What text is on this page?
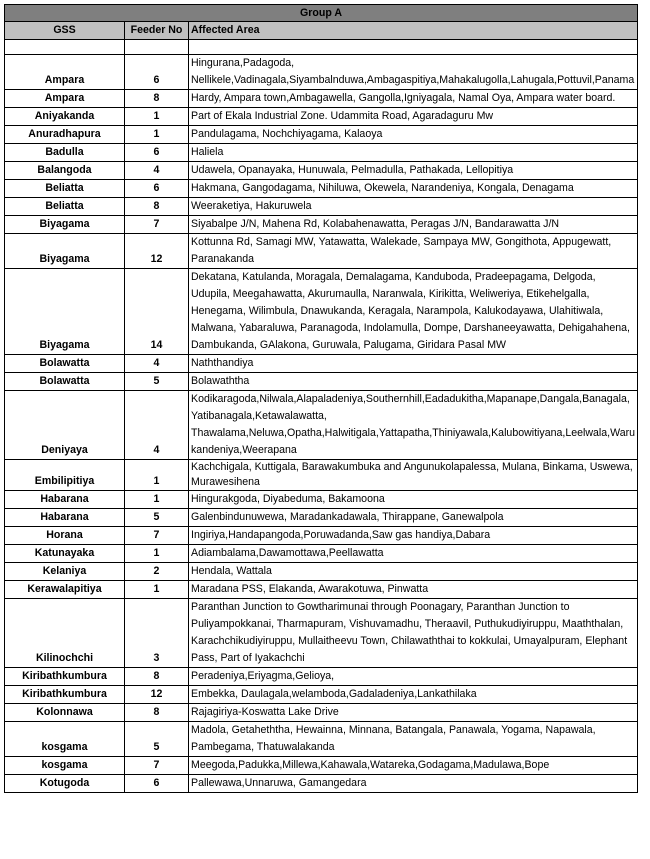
Group A		
GSS	Feeder No	Affected Area

Ampara	6	Hingurana,Padagoda, Nellikele,Vadinagala,Siyambalnduwa,Ambagaspitiya,Mahakalugolla,Lahugala,Pottuvil,Panama
Ampara	8	Hardy, Ampara town,Ambagawella, Gangolla,Igniyagala, Namal Oya, Ampara water board.
Aniyakanda	1	Part of Ekala Industrial Zone. Udammita Road, Agaradaguru Mw
Anuradhapura	1	Pandulagama, Nochchiyagama, Kalaoya
Badulla	6	Haliela
Balangoda	4	Udawela, Opanayaka, Hunuwala, Pelmadulla, Pathakada, Lellopitiya
Beliatta	6	Hakmana, Gangodagama, Nihiluwa, Okewela, Narandeniya, Kongala, Denagama
Beliatta	8	Weeraketiya, Hakuruwela
Biyagama	7	Siyabalpe J/N, Mahena Rd, Kolabahenawatta, Peragas J/N, Bandarawatta J/N
Biyagama	12	Kottunna Rd, Samagi MW, Yatawatta, Walekade, Sampaya MW, Gongithota, Appugewatt, Paranakanda
Biyagama	14	Dekatana, Katulanda, Moragala, Demalagama, Kanduboda, Pradeepagama, Delgoda, Udupila, Meegahawatta, Akurumaulla, Naranwala, Kirikitta, Weliweriya, Etikehelgalla, Henegama, Wilimbula, Dnawukanda, Keragala, Narampola, Kalukodayawa, Ulahitiwala, Malwana, Yabaraluwa, Paranagoda, Indolamulla, Dompe, Darshaneeyawatta, Dehigahahena, Dambukanda, GAlakona, Guruwala, Palugama, Giridara Pasal MW
Bolawatta	4	Naththandiya
Bolawatta	5	Bolawaththa
Deniyaya	4	Kodikaragoda,Nilwala,Alapaladeniya,Southernhill,Eadadukitha,Mapanape,Dangala,Banagala, Yatibanagala,Ketawalawatta, Thawalama,Neluwa,Opatha,Halwitigala,Yattapatha,Thiniyawala,Kalubowitiyana,Leelwala,Warukandeniya,Weerapana
Embilipitiya	1	Kachchigala, Kuttigala, Barawakumbuka and Angunukolapalessa, Mulana, Binkama, Uswewa, Murawesihena
Habarana	1	Hingurakgoda, Diyabeduma, Bakamoona
Habarana	5	Galenbindunuwewa, Maradankadawala, Thirappane, Ganewalpola
Horana	7	Ingiriya,Handapangoda,Poruwadanda,Saw gas handiya,Dabara
Katunayaka	1	Adiambalama,Dawamottawa,Peellawatta
Kelaniya	2	Hendala, Wattala
Kerawalapitiya	1	Maradana PSS, Elakanda, Awarakotuwa, Pinwatta
Kilinochchi	3	Paranthan Junction to Gowtharimunai through Poonagary, Paranthan Junction to Puliyampokkanai, Tharmapuram, Vishuvamadhu, Theraavil, Puthukudiyiruppu, Maaththalan, Karachchikudiyiruppu, Mullaitheevu Town, Chilawaththai to kokkulai, Umayalpuram, Elephant Pass, Part of Iyakachchi
Kiribathkumbura	8	Peradeniya,Eriyagma,Gelioya,
Kiribathkumbura	12	Embekka, Daulagala,welamboda,Gadaladeniya,Lankathilaka
Kolonnawa	8	Rajagiriya-Koswatta Lake Drive
kosgama	5	Madola, Getaheththa, Hewainna, Minnana, Batangala, Panawala, Yogama, Napawala, Pambegama, Thatuwalakanda
kosgama	7	Meegoda,Padukka,Millewa,Kahawala,Watareka,Godagama,Madulawa,Bope
Kotugoda	6	Pallewawa,Unnaruwa, Gamangedara
